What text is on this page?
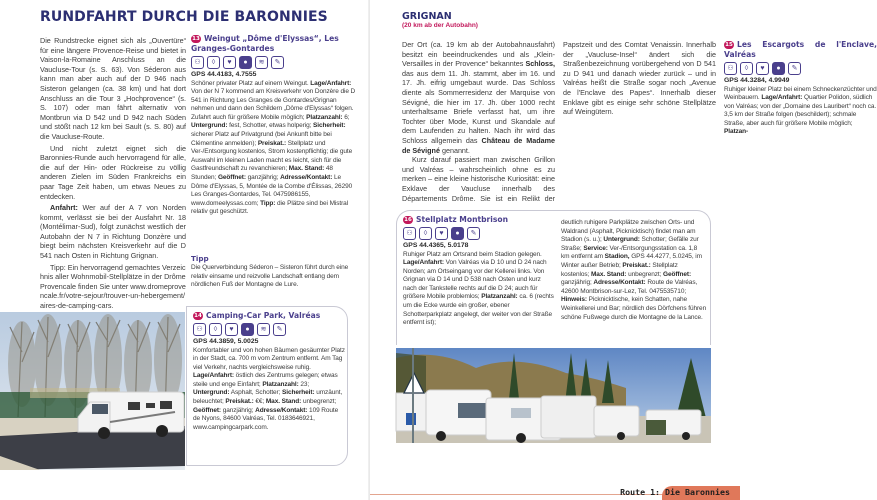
RUNDFAHRT DURCH DIE BARONNIES

Die Rundstrecke eignet sich als „Ouvertüre“ für eine längere Provence-Reise und bietet in Vaison-la-Romaine Anschluss an die Vaucluse-Tour (s. S. 63). Von Séderon aus kann man aber auch auf der D 946 nach Sisteron gelangen (ca. 38 km) und hat dort Anschluss an die Tour 3 „Hochprovence“ (s. S. 107) oder man fährt alternativ von Montbrun via D 542 und D 942 nach Süden und stößt nach 12 km bei Sault (s. S. 80) auf die Vaucluse-Route.

Und nicht zuletzt eignet sich die Baronnies-Runde auch hervorragend für alle, die auf der Hin- oder Rückreise zu völlig anderen Zielen im Süden Frankreichs ein paar Tage Zeit haben, um etwas Neues zu entdecken.

Anfahrt: Wer auf der A 7 von Norden kommt, verlässt sie bei der Ausfahrt Nr. 18 (Montélimar-Sud), folgt zunächst westlich der Autobahn der N 7 in Richtung Donzère und biegt beim nächsten Kreisverkehr auf die D 541 nach Osten in Richtung Grignan.

Tipp: Ein hervorragend gemachtes Verzeichnis aller Wohnmobil-Stellplätze in der Drôme Provencale finden Sie unter www.dromeprovencale.fr/votre-sejour/trouver-un-hebergement/aires-de-camping-cars.

13 Weingut „Dôme d'Elyssas“, Les Granges-Gontardes
⚇	◊	♥	●	≋	✎
GPS 44.4183, 4.7555
Schöner privater Platz auf einem Weingut. Lage/Anfahrt: Von der N 7 kommend am Kreisverkehr von Donzère die D 541 in Richtung Les Granges de Gontardes/Grignan nehmen und dann den Schildern „Dôme d'Elyssas“ folgen. Zufahrt auch für größere Mobile möglich; Platzanzahl: 6; Untergrund: fest, Schotter, etwas holperig; Sicherheit: sicherer Platz auf Privatgrund (bei Ankunft bitte bei Clémentine anmelden); Preiskat.: Stellplatz und Ver-/Entsorgung kostenlos, Strom kostenpflichtig; die gute Auswahl im kleinen Laden macht es leicht, sich für die Gastfreundschaft zu revanchieren; Max. Stand: 48 Stunden; Geöffnet: ganzjährig; Adresse/Kontakt: Le Dôme d'Elyssas, 5, Montée de la Combe d'Élissas, 26290 Les Granges-Gontardes, Tel. 0475986155, www.domeelyssas.com; Tipp: die Plätze sind bei Mistral relativ gut geschützt.
Tipp
Die Querverbindung Séderon – Sisteron führt durch eine relativ einsame und reizvolle Landschaft entlang dem nördlichen Fuß der Montagne de Lure.
14 Camping-Car Park, Valréas
⚇	◊	♥	●	≋	✎
GPS 44.3859, 5.0025
Komfortabler und von hohen Bäumen gesäumter Platz in der Stadt, ca. 700 m vom Zentrum entfernt. Am Tag viel Verkehr, nachts vergleichsweise ruhig. Lage/Anfahrt: östlich des Zentrums gelegen; etwas steile und enge Einfahrt; Platzanzahl: 23; Untergrund: Asphalt, Schotter; Sicherheit: umzäunt, beleuchtet; Preiskat.: €€; Max. Stand: unbegrenzt; Geöffnet: ganzjährig; Adresse/Kontakt: 109 Route de Nyons, 84600 Valréas, Tel. 0183646921, www.campingcarpark.com.
GRIGNAN
(20 km ab der Autobahn)

Der Ort (ca. 19 km ab der Autobahnausfahrt) besitzt ein beeindruckendes und als „Klein-Versailles in der Provence“ bekanntes Schloss, das aus dem 11. Jh. stammt, aber im 16. und 17. Jh. eifrig umgebaut wurde. Das Schloss diente als Sommerresidenz der Marquise von Sévigné, die hier im 17. Jh. über 1000 recht unterhaltsame Briefe verfasst hat, um ihre Tochter über Mode, Kunst und Skandale auf dem Laufenden zu halten. Nach ihr wird das Schloss allgemein das Château de Madame de Sévigné genannt.

Kurz darauf passiert man zwischen Grillon und Valréas – wahrscheinlich ohne es zu merken – eine kleine historische Kuriosität: eine Exklave der Vaucluse innerhalb des Départements Drôme. Sie ist ein Relikt der Papstzeit und des Comtat Venaissin. Innerhalb der „Vaucluse-Insel“ ändert sich die Straßenbezeichnung vorübergehend von D 541 zu D 941 und danach wieder zurück – und in Valréas heißt die Straße sogar noch „Avenue de l'Enclave des Papes“. Innerhalb dieser Enklave gibt es einige sehr schöne Stellplätze auf Weingütern.

15 Les Escargots de l'Enclave, Valréas
⚇	◊	♥	●	✎
GPS 44.3284, 4.9949
Ruhiger kleiner Platz bei einem Schneckenzüchter und Weinbauern. Lage/Anfahrt: Quartier Polidon, südlich von Valréas; von der „Domaine des Lauribert“ noch ca. 3,5 km der Straße folgen (beschildert); schmale Straße, aber auch für größere Mobile möglich; Platzan-
16 Stellplatz Montbrison
⚇	◊	♥	●	✎
GPS 44.4365, 5.0178
Ruhiger Platz am Ortsrand beim Stadion gelegen. Lage/Anfahrt: Von Valréas via D 10 und D 24 nach Norden; am Ortseingang vor der Kellerei links. Von Grignan via D 14 und D 538 nach Osten und kurz nach der Tankstelle rechts auf die D 24; auch für größere Mobile problemlos; Platzanzahl: ca. 6 (rechts um die Ecke wurde ein großer, ebener Schotterparkplatz angelegt, der weiter von der Straße entfernt ist);
deutlich ruhigere Parkplätze zwischen Orts- und Waldrand (Asphalt, Picknicktisch) findet man am Stadion (s. u.); Untergrund: Schotter; Gefälle zur Straße; Service: Ver-/Entsorgungsstation ca. 1,8 km entfernt am Stadion, GPS 44.4277, 5.0245, im Winter außer Betrieb; Preiskat.: Stellplatz kostenlos; Max. Stand: unbegrenzt; Geöffnet: ganzjährig; Adresse/Kontakt: Route de Valréas, 42600 Montbrison-sur-Lez, Tel. 0475535710; Hinweis: Picknicktische, kein Schatten, nahe Weinkellerei und Bar; nördlich des Dörfchens führen schöne Fußwege durch die Montagne de la Lance.
Route 1: Die Baronnies
